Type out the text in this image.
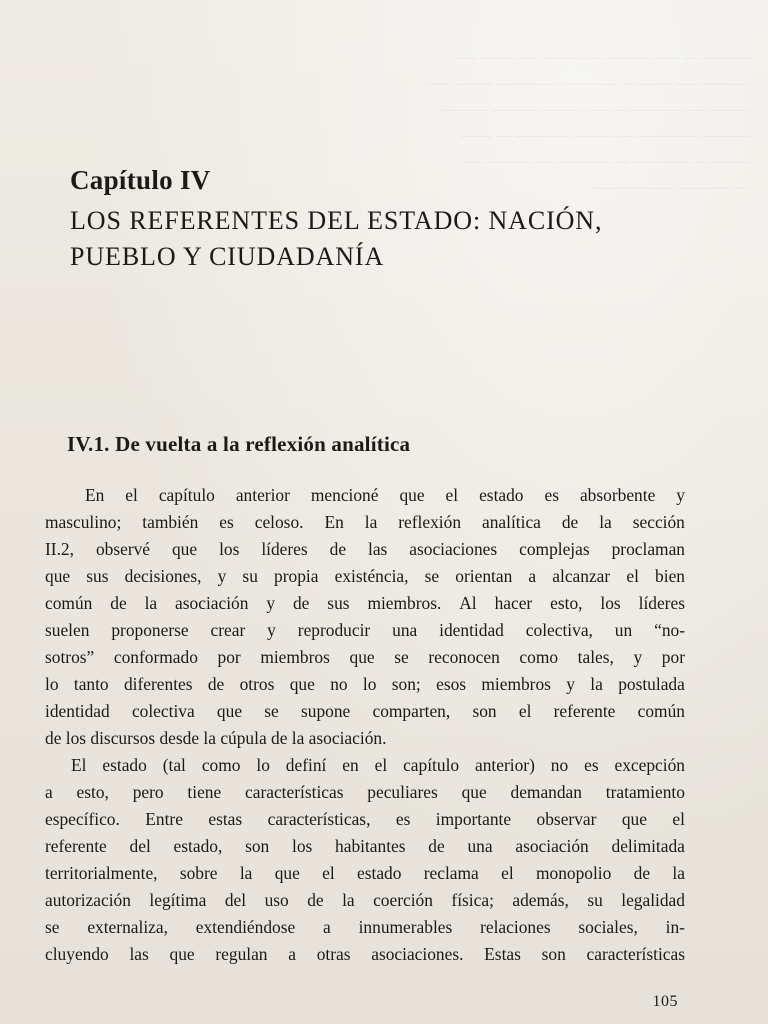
______ __ ___ ______ __ _____ ___ ____ ___
______ ___ ____ __ _______ ________ _____ ___
_____ ___ ______ __ ___ _____ ______ ______
______ ________ __ _____ _______ __ ____
_____ __ _______ __ _______ __ ______ __
__ _______ __________
Capítulo IV
LOS REFERENTES DEL ESTADO: NACIÓN,
PUEBLO Y CIUDADANÍA
IV.1. De vuelta a la reflexión analítica
En el capítulo anterior mencioné que el estado es absorbente y
masculino; también es celoso. En la reflexión analítica de la sección
II.2, observé que los líderes de las asociaciones complejas proclaman
que sus decisiones, y su propia existéncia, se orientan a alcanzar el bien
común de la asociación y de sus miembros. Al hacer esto, los líderes
suelen proponerse crear y reproducir una identidad colectiva, un “no-
sotros” conformado por miembros que se reconocen como tales, y por
lo tanto diferentes de otros que no lo son; esos miembros y la postulada
identidad colectiva que se supone comparten, son el referente común
de los discursos desde la cúpula de la asociación.
El estado (tal como lo definí en el capítulo anterior) no es excepción
a esto, pero tiene características peculiares que demandan tratamiento
específico. Entre estas características, es importante observar que el
referente del estado, son los habitantes de una asociación delimitada
territorialmente, sobre la que el estado reclama el monopolio de la
autorización legítima del uso de la coerción física; además, su legalidad
se externaliza, extendiéndose a innumerables relaciones sociales, in-
cluyendo las que regulan a otras asociaciones. Estas son características
105
